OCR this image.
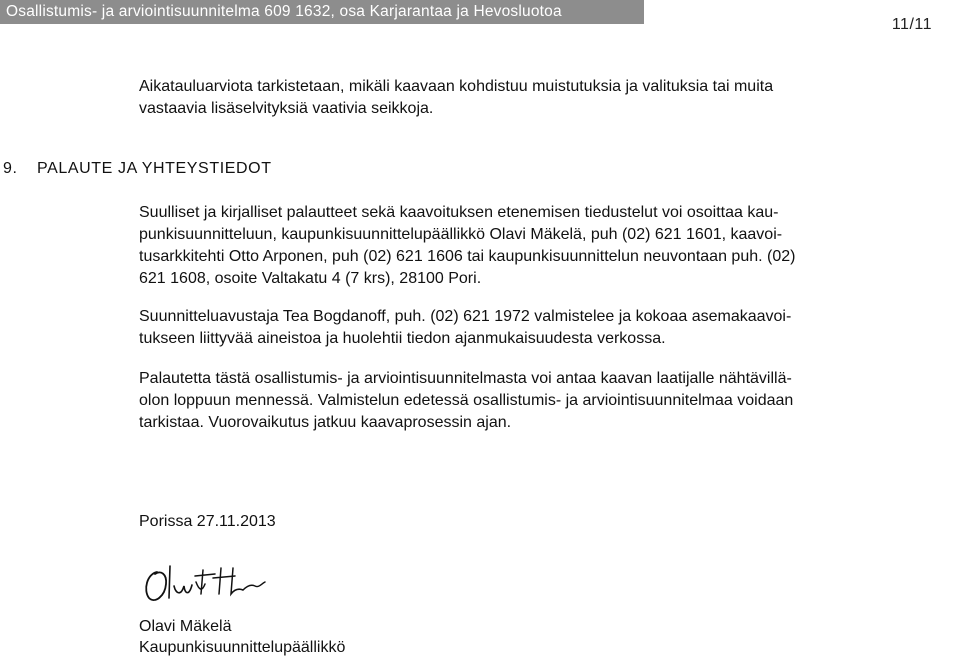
Osallistumis- ja arviointisuunnitelma 609 1632, osa Karjarantaa ja Hevosluotoa
11/11

Aikatauluarviota tarkistetaan, mikäli kaavaan kohdistuu muistutuksia ja valituksia tai muita
vastaavia lisäselvityksiä vaativia seikkoja.

9. PALAUTE JA YHTEYSTIEDOT

Suulliset ja kirjalliset palautteet sekä kaavoituksen etenemisen tiedustelut voi osoittaa kau-
punkisuunnitteluun, kaupunkisuunnittelupäällikkö Olavi Mäkelä, puh (02) 621 1601, kaavoi-
tusarkkitehti Otto Arponen, puh (02) 621 1606 tai kaupunkisuunnittelun neuvontaan puh. (02)
621 1608, osoite Valtakatu 4 (7 krs), 28100 Pori.

Suunnitteluavustaja Tea Bogdanoff, puh. (02) 621 1972 valmistelee ja kokoaa asemakaavoi-
tukseen liittyvää aineistoa ja huolehtii tiedon ajanmukaisuudesta verkossa.

Palautetta tästä osallistumis- ja arviointisuunnitelmasta voi antaa kaavan laatijalle nähtävillä-
olon loppuun mennessä. Valmistelun edetessä osallistumis- ja arviointisuunnitelmaa voidaan
tarkistaa. Vuorovaikutus jatkuu kaavaprosessin ajan.

Porissa 27.11.2013
Olavi Mäkelä
Kaupunkisuunnittelupäällikkö
